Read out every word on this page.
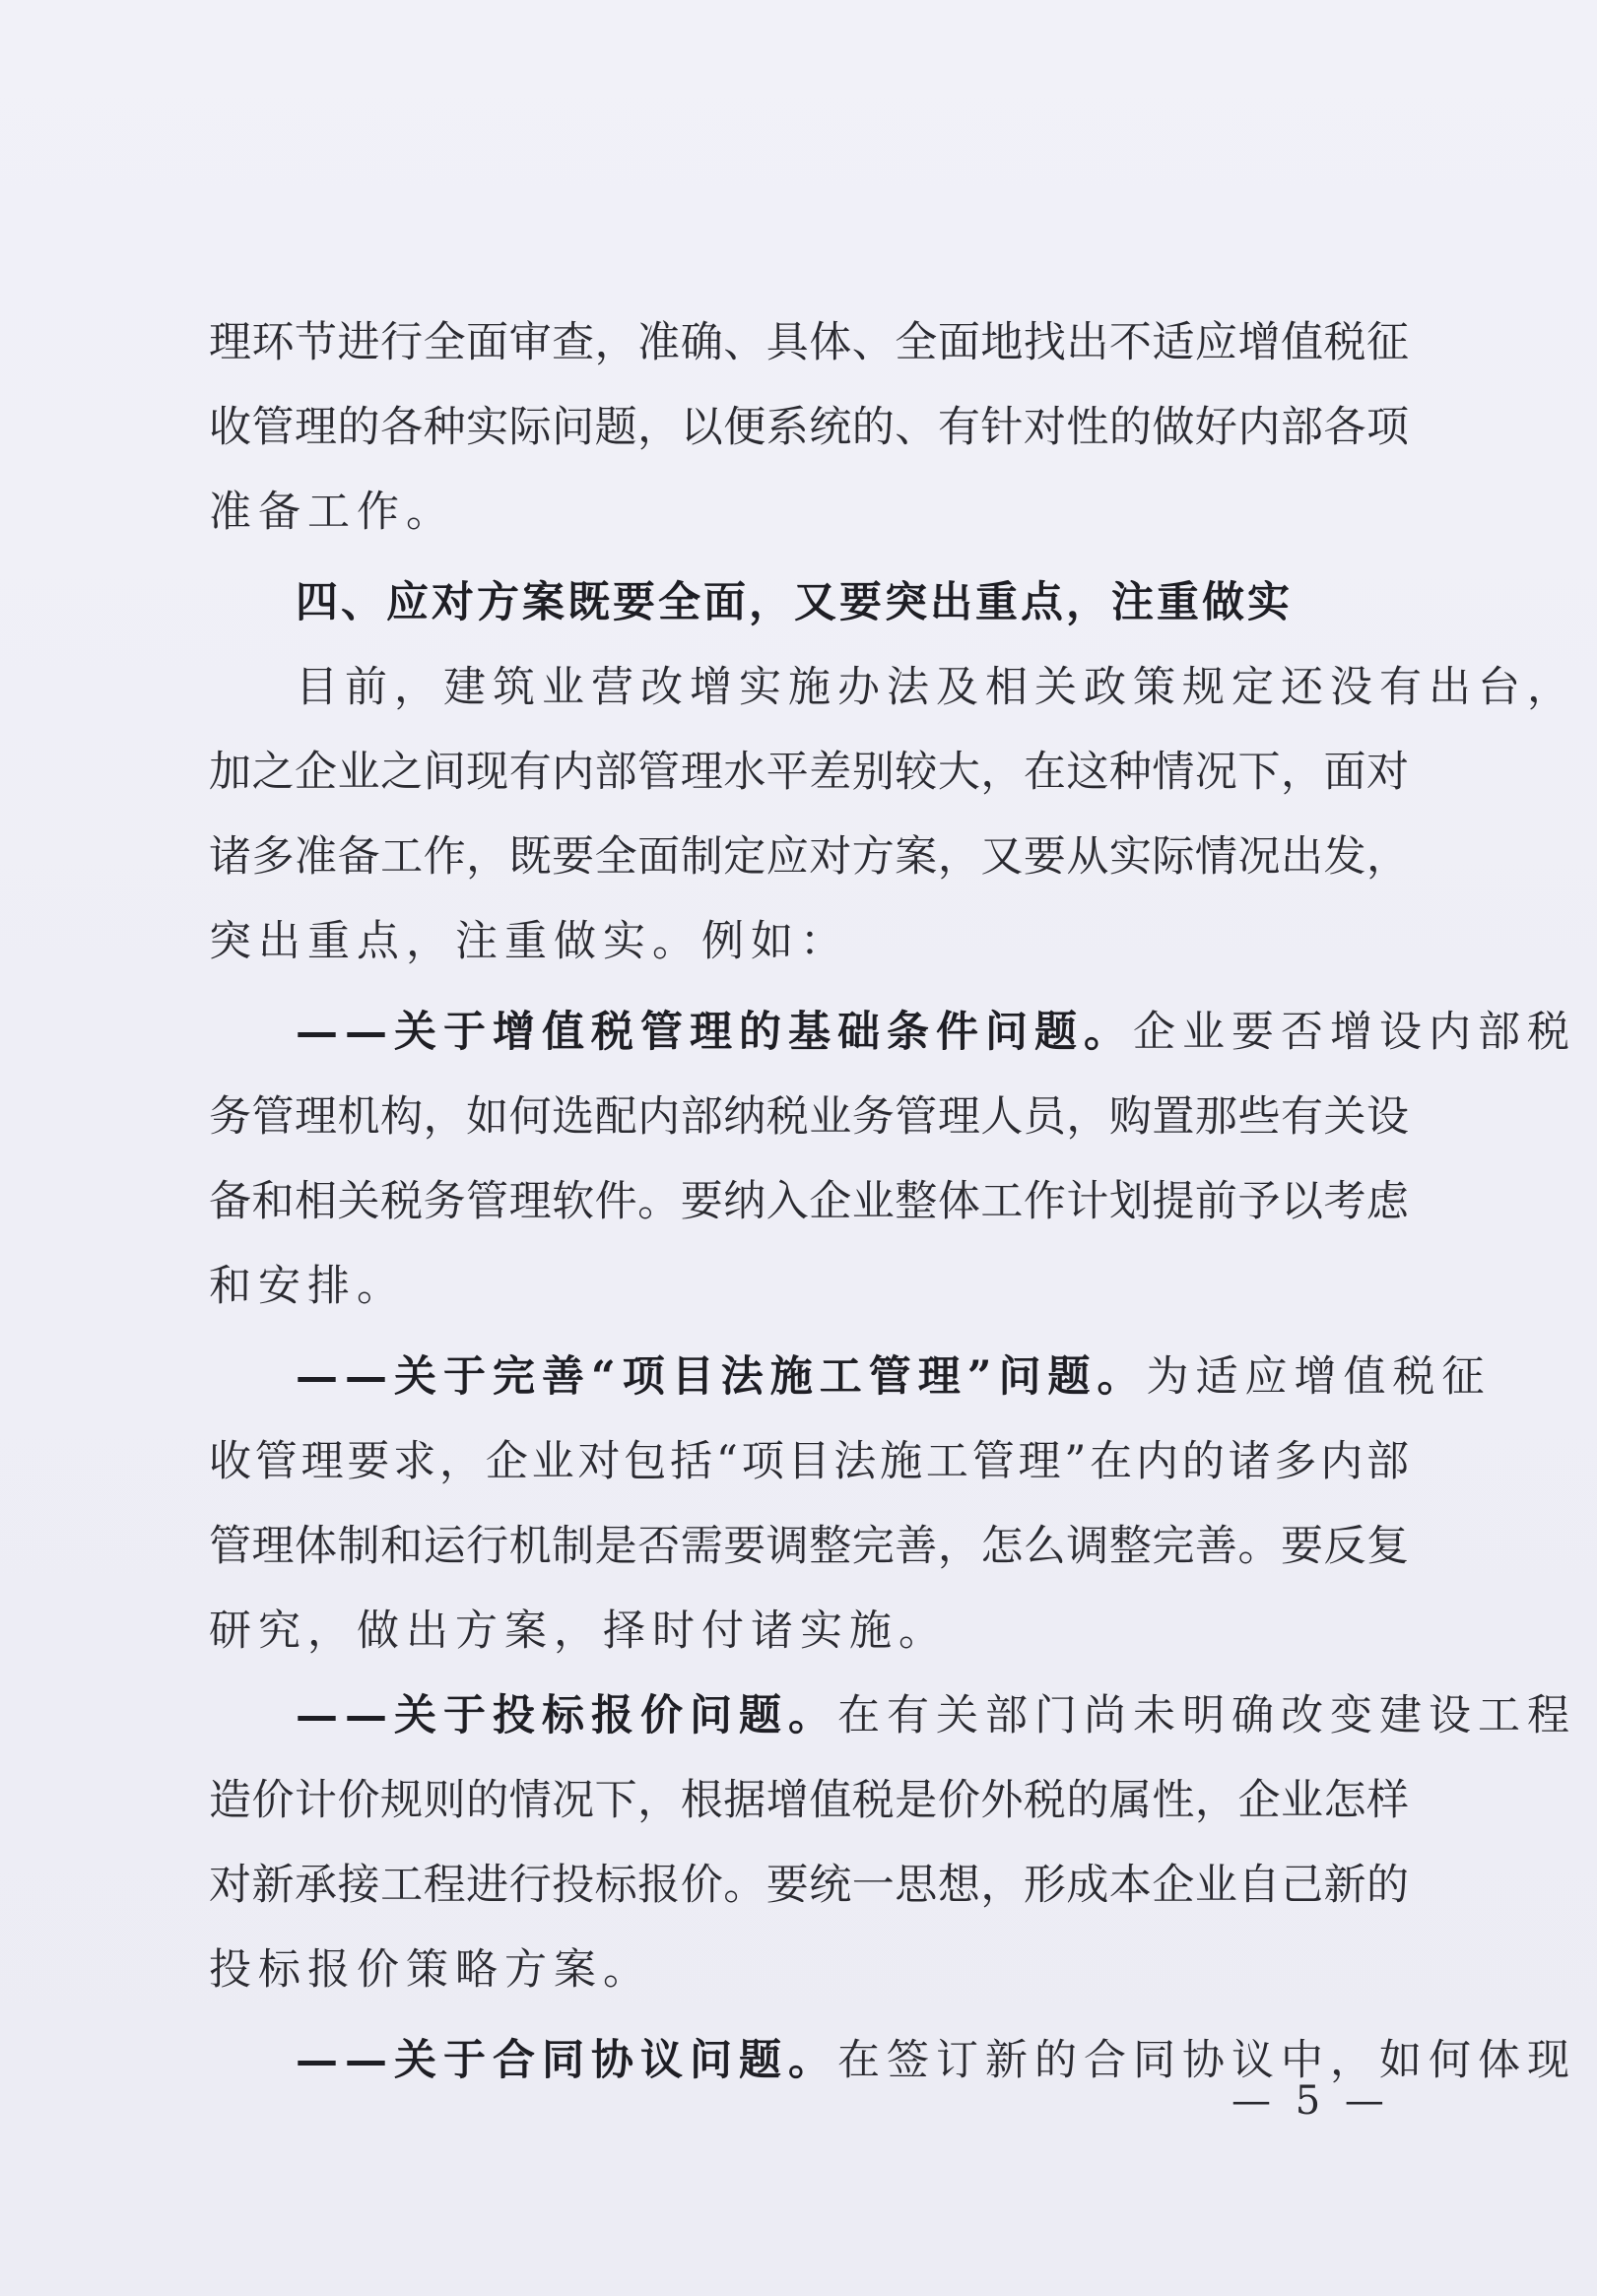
理环节进行全面审查，准确、具体、全面地找出不适应增值税征
收管理的各种实际问题，以便系统的、有针对性的做好内部各项
准备工作。
四、应对方案既要全面，又要突出重点，注重做实
目前，建筑业营改增实施办法及相关政策规定还没有出台，
加之企业之间现有内部管理水平差别较大，在这种情况下，面对
诸多准备工作，既要全面制定应对方案，又要从实际情况出发，
突出重点，注重做实。例如：
——关于增值税管理的基础条件问题。企业要否增设内部税
务管理机构，如何选配内部纳税业务管理人员，购置那些有关设
备和相关税务管理软件。要纳入企业整体工作计划提前予以考虑
和安排。
——关于完善“项目法施工管理”问题。为适应增值税征
收管理要求，企业对包括“项目法施工管理”在内的诸多内部
管理体制和运行机制是否需要调整完善，怎么调整完善。要反复
研究，做出方案，择时付诸实施。
——关于投标报价问题。在有关部门尚未明确改变建设工程
造价计价规则的情况下，根据增值税是价外税的属性，企业怎样
对新承接工程进行投标报价。要统一思想，形成本企业自己新的
投标报价策略方案。
——关于合同协议问题。在签订新的合同协议中，如何体现
— 5 —
